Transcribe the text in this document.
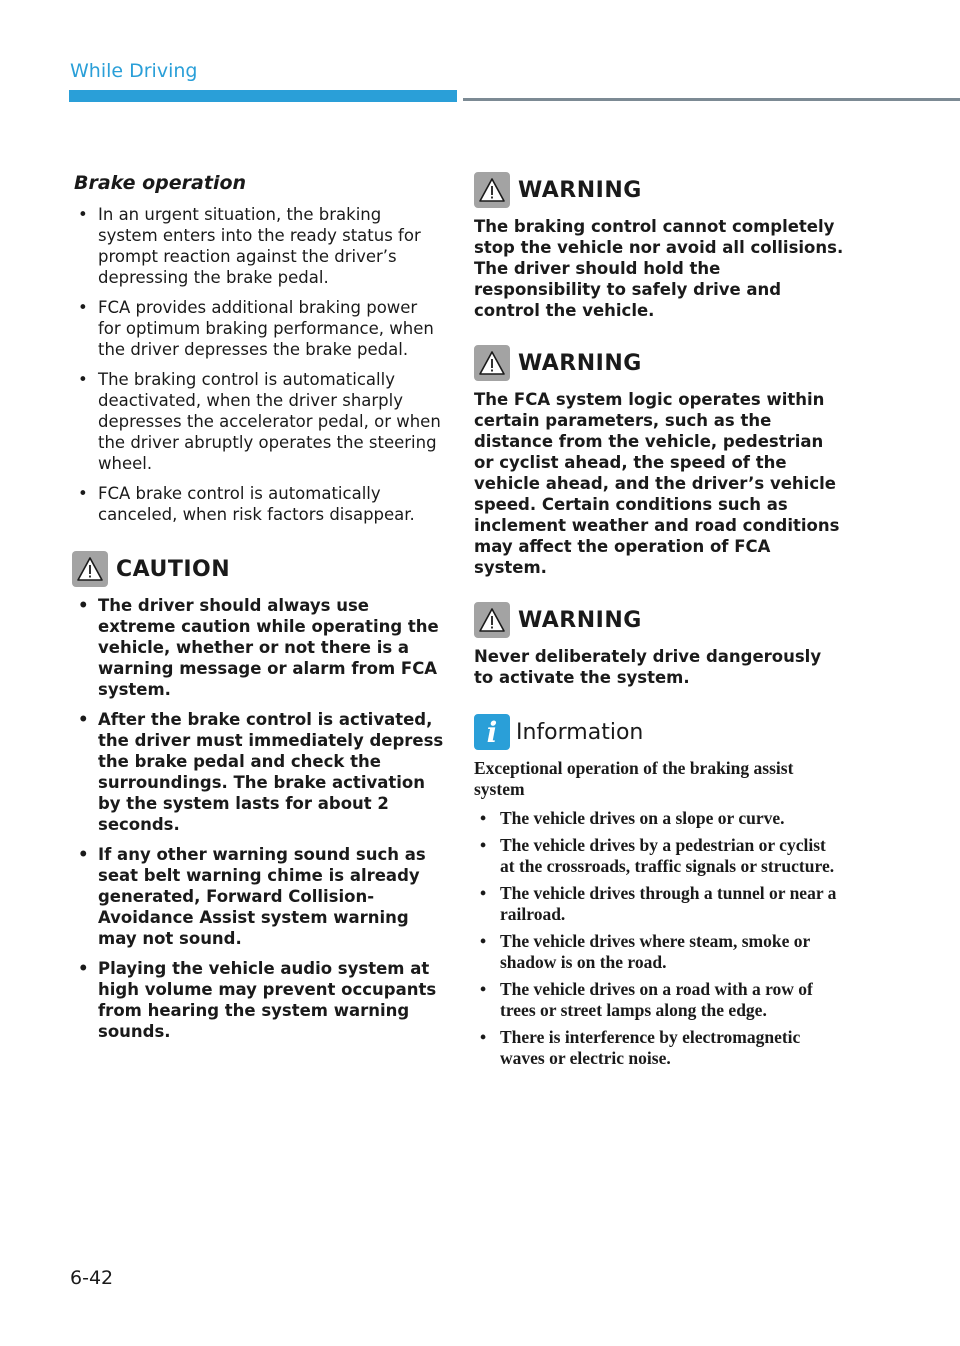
While Driving
Brake operation
• In an urgent situation, the braking system enters into the ready status for prompt reaction against the driver’s depressing the brake pedal.
• FCA provides additional braking power for optimum braking performance, when the driver depresses the brake pedal.
• The braking control is automatically deactivated, when the driver sharply depresses the accelerator pedal, or when the driver abruptly operates the steering wheel.
• FCA brake control is automatically canceled, when risk factors disappear.
CAUTION
• The driver should always use extreme caution while operating the vehicle, whether or not there is a warning message or alarm from FCA system.
• After the brake control is activated, the driver must immediately depress the brake pedal and check the surroundings. The brake activation by the system lasts for about 2 seconds.
• If any other warning sound such as seat belt warning chime is already generated, Forward Collision-Avoidance Assist system warning may not sound.
• Playing the vehicle audio system at high volume may prevent occupants from hearing the system warning sounds.
WARNING

The braking control cannot completely stop the vehicle nor avoid all collisions. The driver should hold the responsibility to safely drive and control the vehicle.

WARNING

The FCA system logic operates within certain parameters, such as the distance from the vehicle, pedestrian or cyclist ahead, the speed of the vehicle ahead, and the driver’s vehicle speed. Certain conditions such as inclement weather and road conditions may affect the operation of FCA system.

WARNING

Never deliberately drive dangerously to activate the system.

i Information

Exceptional operation of the braking assist system

• The vehicle drives on a slope or curve.
• The vehicle drives by a pedestrian or cyclist at the crossroads, traffic signals or structure.
• The vehicle drives through a tunnel or near a railroad.
• The vehicle drives where steam, smoke or shadow is on the road.
• The vehicle drives on a road with a row of trees or street lamps along the edge.
• There is interference by electromagnetic waves or electric noise.
6-42
